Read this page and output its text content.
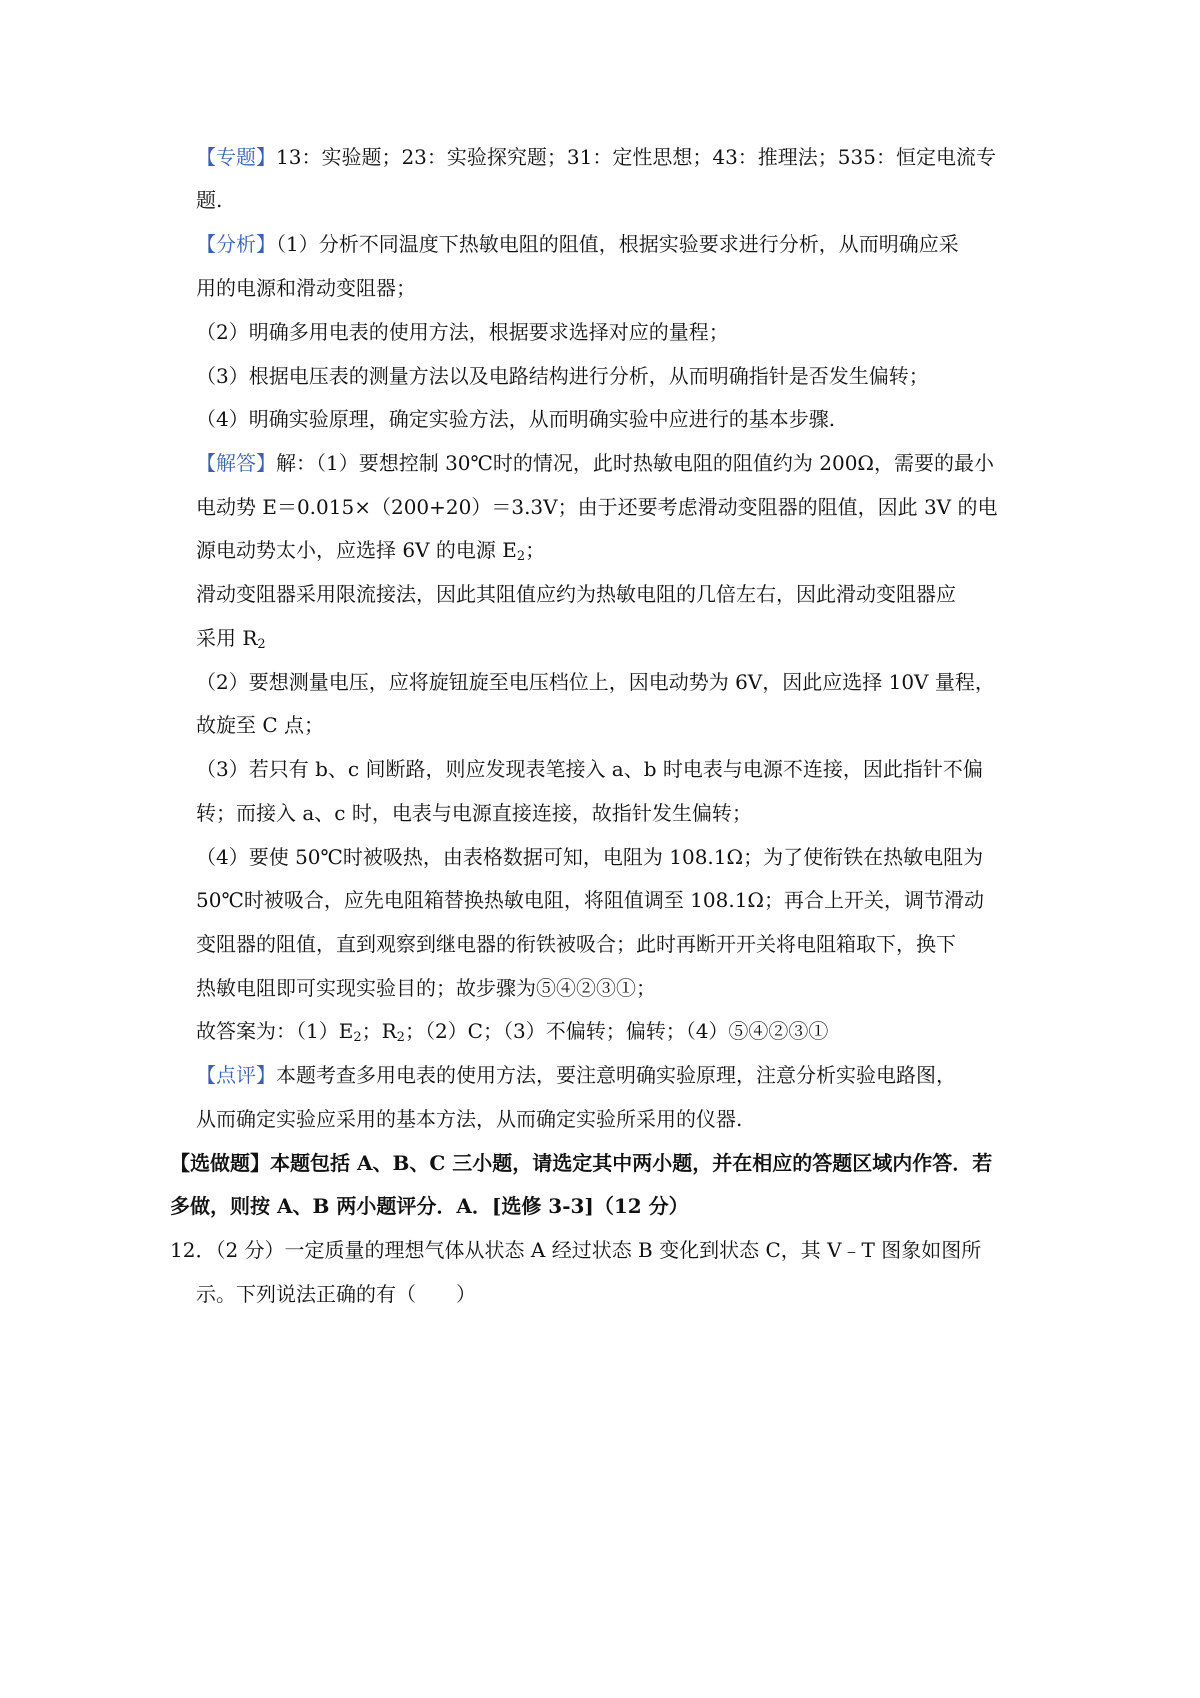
【专题】13：实验题；23：实验探究题；31：定性思想；43：推理法；535：恒定电流专
题.
【分析】（1）分析不同温度下热敏电阻的阻值，根据实验要求进行分析，从而明确应采
用的电源和滑动变阻器；
（2）明确多用电表的使用方法，根据要求选择对应的量程；
（3）根据电压表的测量方法以及电路结构进行分析，从而明确指针是否发生偏转；
（4）明确实验原理，确定实验方法，从而明确实验中应进行的基本步骤.
【解答】解：（1）要想控制 30℃时的情况，此时热敏电阻的阻值约为 200Ω，需要的最小
电动势 E＝0.015×（200+20）＝3.3V；由于还要考虑滑动变阻器的阻值，因此 3V 的电
源电动势太小，应选择 6V 的电源 $E_2$；
滑动变阻器采用限流接法，因此其阻值应约为热敏电阻的几倍左右，因此滑动变阻器应
采用 $R_2$
（2）要想测量电压，应将旋钮旋至电压档位上，因电动势为 6V，因此应选择 10V 量程，
故旋至 C 点；
（3）若只有 b、c 间断路，则应发现表笔接入 a、b 时电表与电源不连接，因此指针不偏
转；而接入 a、c 时，电表与电源直接连接，故指针发生偏转；
（4）要使 50℃时被吸热，由表格数据可知，电阻为 108.1Ω；为了使衔铁在热敏电阻为
50℃时被吸合，应先电阻箱替换热敏电阻，将阻值调至 108.1Ω；再合上开关，调节滑动
变阻器的阻值，直到观察到继电器的衔铁被吸合；此时再断开开关将电阻箱取下，换下
热敏电阻即可实现实验目的；故步骤为⑤④②③①；
故答案为：$(1)E_2$；$R_2$；（2）C；（3）不偏转；偏转；（4）⑤④②③①
【点评】本题考查多用电表的使用方法，要注意明确实验原理，注意分析实验电路图，
从而确定实验应采用的基本方法，从而确定实验所采用的仪器.
【选做题】本题包括 A、B、C 三小题，请选定其中两小题，并在相应的答题区域内作答．若
多做，则按 A、B 两小题评分．A．[选修 3-3]（12 分）
12．（2 分）一定质量的理想气体从状态 A 经过状态 B 变化到状态 C，其 V﹣T 图象如图所
示。下列说法正确的有（　　）
